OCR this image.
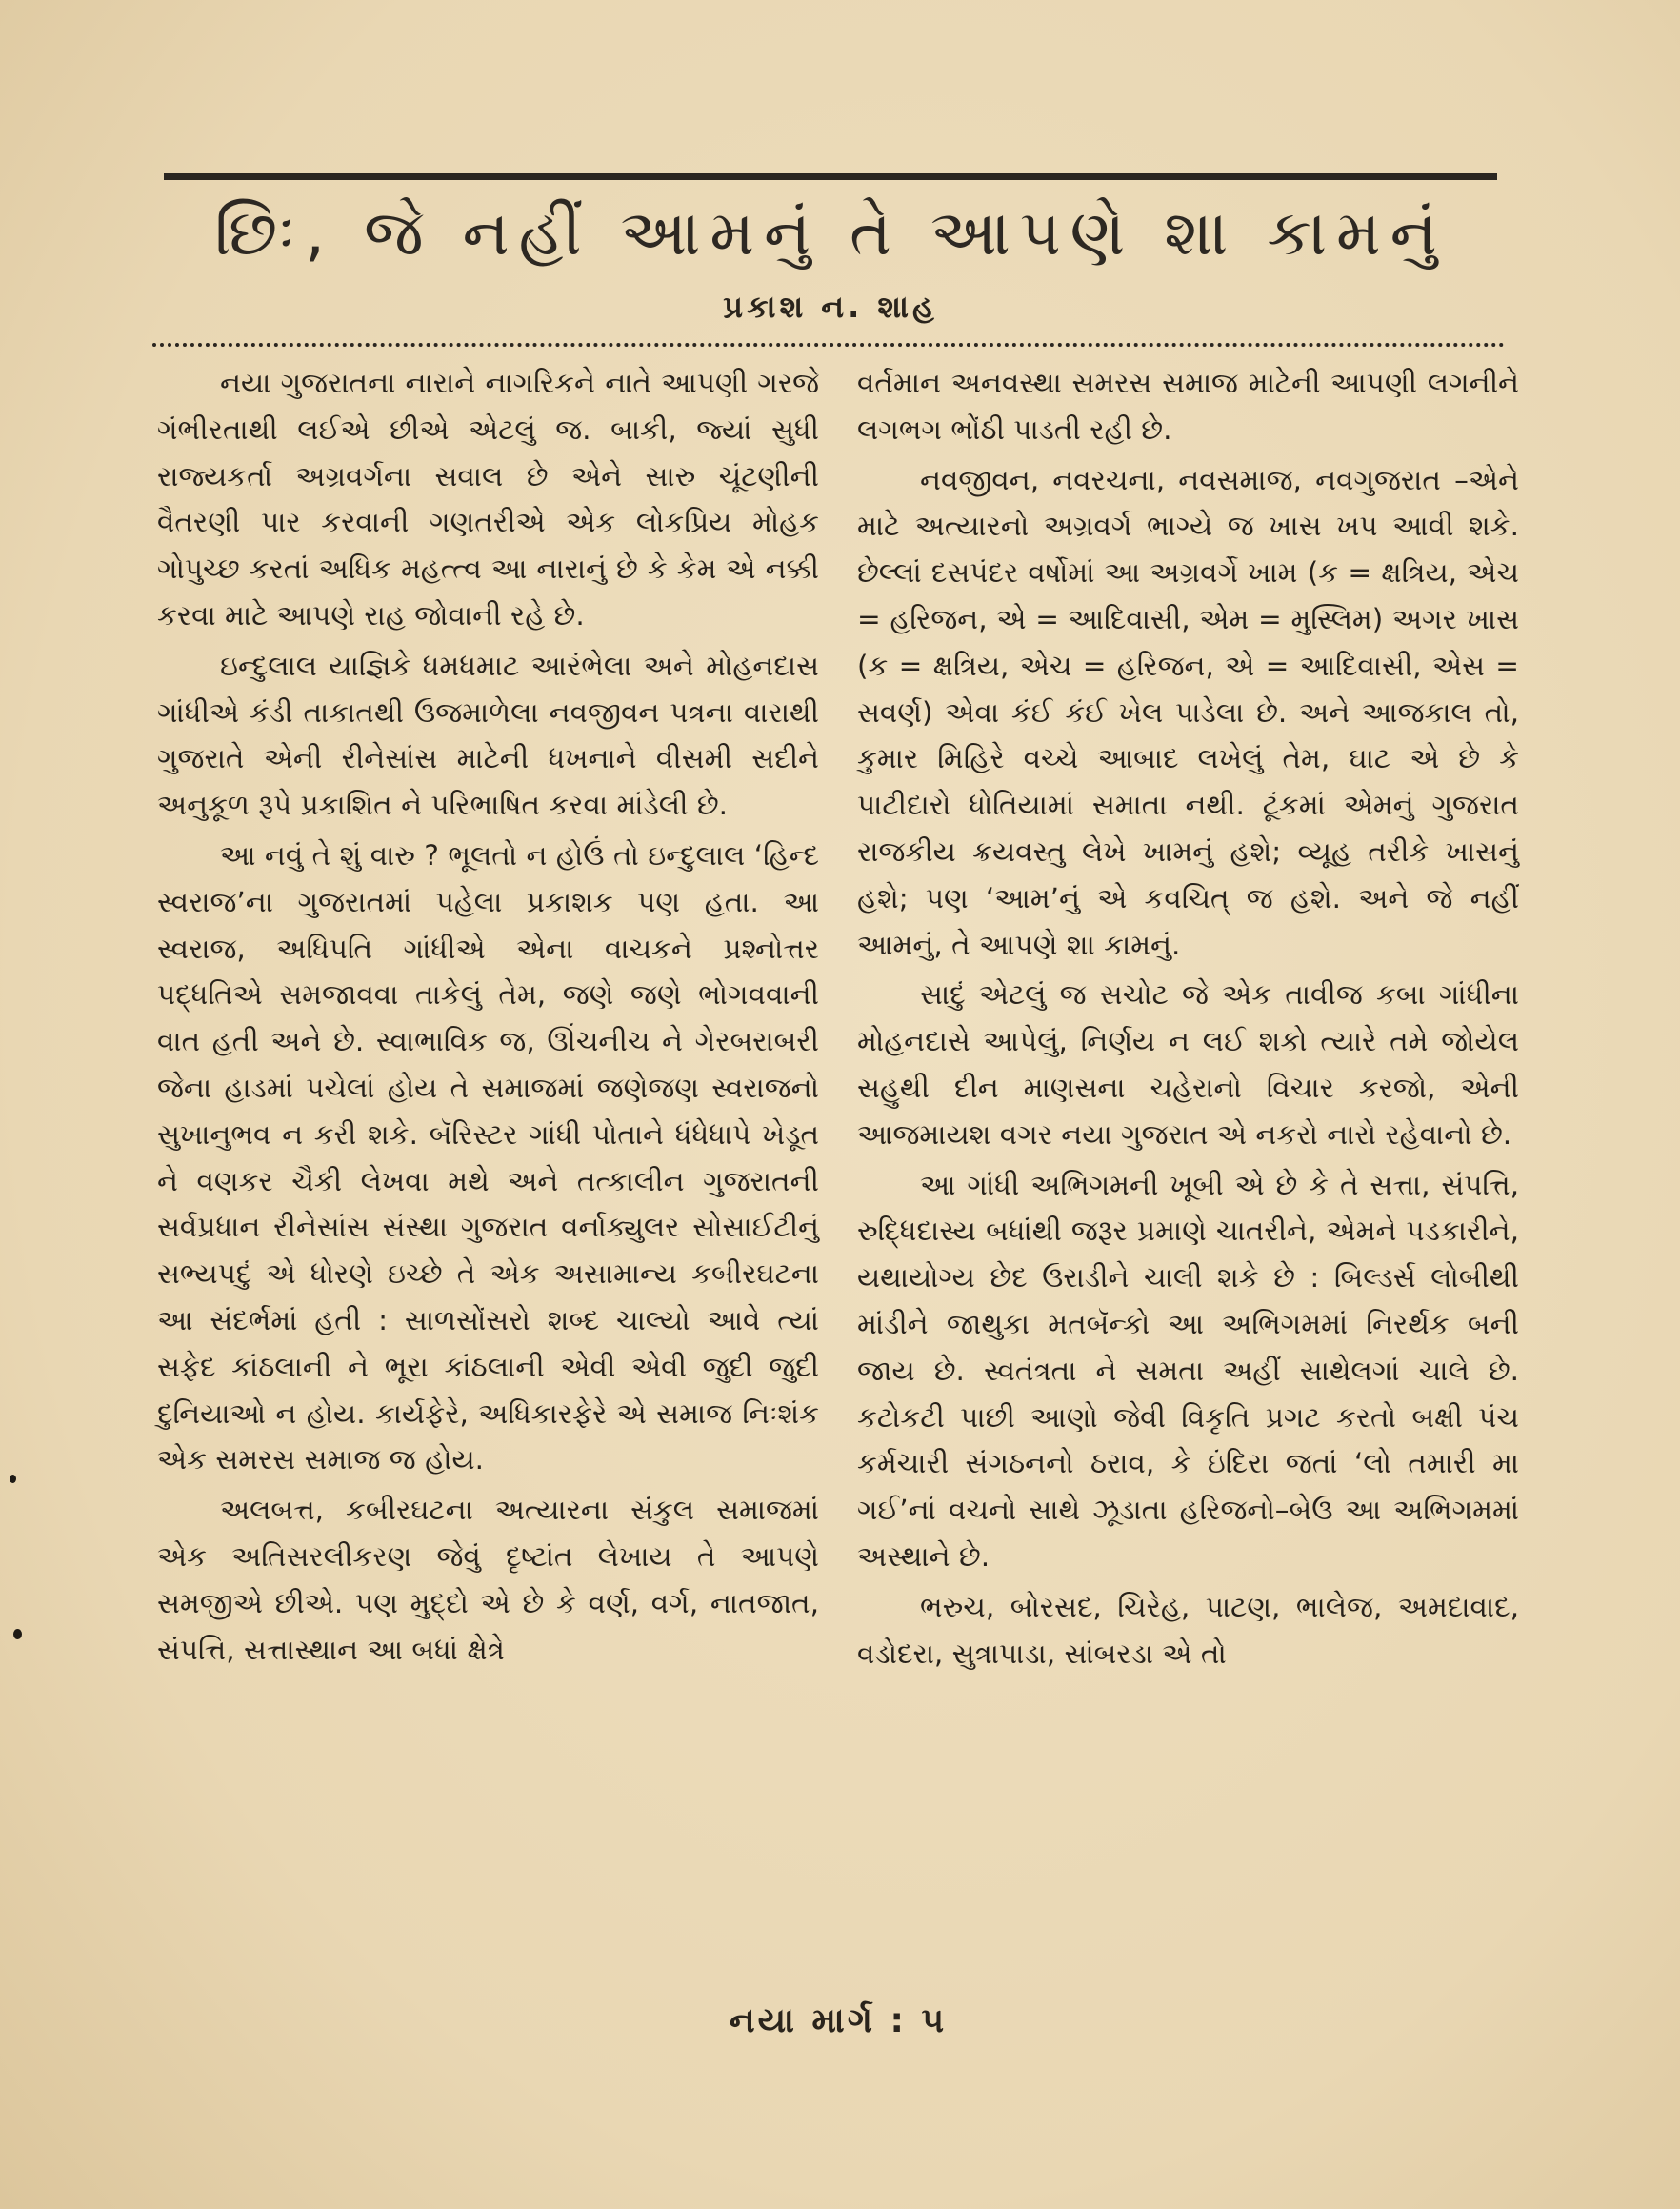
છિઃ, જે નહીં આમનું તે આપણે શા કામનું
પ્રકાશ ન. શાહ

નયા ગુજરાતના નારાને નાગરિકને નાતે આપણી ગરજે ગંભીરતાથી લઈએ છીએ એટલું જ. બાકી, જ્યાં સુધી રાજ્યકર્તા અગ્રવર્ગના સવાલ છે એને સારુ ચૂંટણીની વૈતરણી પાર કરવાની ગણતરીએ એક લોકપ્રિય મોહક ગોપુચ્છ કરતાં અધિક મહત્ત્વ આ નારાનું છે કે કેમ એ નક્કી કરવા માટે આપણે રાહ જોવાની રહે છે.

ઇન્દુલાલ યાજ્ઞિકે ધમધમાટ આરંભેલા અને મોહનદાસ ગાંધીએ કંડી તાકાતથી ઉજમાળેલા નવજીવન પત્રના વારાથી ગુજરાતે એની રીનેસાંસ માટેની ધખનાને વીસમી સદીને અનુકૂળ રૂપે પ્રકાશિત ને પરિભાષિત કરવા માંડેલી છે.

આ નવું તે શું વારુ ? ભૂલતો ન હોઉં તો ઇન્દુલાલ ‘હિન્દ સ્વરાજ’ના ગુજરાતમાં પહેલા પ્રકાશક પણ હતા. આ સ્વરાજ, અધિપતિ ગાંધીએ એના વાચકને પ્રશ્નોત્તર પદ્ધતિએ સમજાવવા તાકેલું તેમ, જણે જણે ભોગવવાની વાત હતી અને છે. સ્વાભાવિક જ, ઊંચનીચ ને ગેરબરાબરી જેના હાડમાં પચેલાં હોય તે સમાજમાં જણેજણ સ્વરાજનો સુખાનુભવ ન કરી શકે. બૅરિસ્ટર ગાંધી પોતાને ધંધેધાપે ખેડૂત ને વણકર ચૈકી લેખવા મથે અને તત્કાલીન ગુજરાતની સર્વપ્રધાન રીનેસાંસ સંસ્થા ગુજરાત વર્નાક્યુલર સોસાઈટીનું સભ્યપદું એ ધોરણે ઇચ્છે તે એક અસામાન્ય કબીરઘટના આ સંદર્ભમાં હતી : સાળસોંસરો શબ્દ ચાલ્યો આવે ત્યાં સફેદ કાંઠલાની ને ભૂરા કાંઠલાની એવી એવી જુદી જુદી દુનિયાઓ ન હોય. કાર્યફેરે, અધિકારફેરે એ સમાજ નિઃશંક એક સમરસ સમાજ જ હોય.

અલબત્ત, કબીરઘટના અત્યારના સંકુલ સમાજમાં એક અતિસરલીકરણ જેવું દૃષ્ટાંત લેખાય તે આપણે સમજીએ છીએ. પણ મુદ્દો એ છે કે વર્ણ, વર્ગ, નાતજાત, સંપત્તિ, સત્તાસ્થાન આ બધાં ક્ષેત્રે

વર્તમાન અનવસ્થા સમરસ સમાજ માટેની આપણી લગનીને લગભગ ભોંઠી પાડતી રહી છે.

નવજીવન, નવરચના, નવસમાજ, નવગુજરાત –એને માટે અત્યારનો અગ્રવર્ગ ભાગ્યે જ ખાસ ખપ આવી શકે. છેલ્લાં દસપંદર વર્ષોમાં આ અગ્રવર્ગે ખામ (ક = ક્ષત્રિય, એચ = હરિજન, એ = આદિવાસી, એમ = મુસ્લિમ) અગર ખાસ (ક = ક્ષત્રિય, એચ = હરિજન, એ = આદિવાસી, એસ = સવર્ણ) એવા કંઈ કંઈ ખેલ પાડેલા છે. અને આજકાલ તો, કુમાર મિહિરે વચ્ચે આબાદ લખેલું તેમ, ઘાટ એ છે કે પાટીદારો ધોતિયામાં સમાતા નથી. ટૂંકમાં એમનું ગુજરાત રાજકીય ક્રયવસ્તુ લેખે ખામનું હશે; વ્યૂહ તરીકે ખાસનું હશે; પણ ‘આમ’નું એ કવચિત્ જ હશે. અને જે નહીં આમનું, તે આપણે શા કામનું.

સાદું એટલું જ સચોટ જે એક તાવીજ કબા ગાંધીના મોહનદાસે આપેલું, નિર્ણય ન લઈ શકો ત્યારે તમે જોયેલ સહુથી દીન માણસના ચહેરાનો વિચાર કરજો, એની આજમાયશ વગર નયા ગુજરાત એ નકરો નારો રહેવાનો છે.

આ ગાંધી અભિગમની ખૂબી એ છે કે તે સત્તા, સંપત્તિ, રુદ્ધિદાસ્ય બધાંથી જરૂર પ્રમાણે ચાતરીને, એમને પડકારીને, યથાયોગ્ય છેદ ઉરાડીને ચાલી શકે છે : બિલ્ડર્સ લોબીથી માંડીને જાથુકા મતબૅન્કો આ અભિગમમાં નિરર્થક બની જાય છે. સ્વતંત્રતા ને સમતા અહીં સાથેલગાં ચાલે છે. કટોકટી પાછી આણો જેવી વિકૃતિ પ્રગટ કરતો બક્ષી પંચ કર્મચારી સંગઠનનો ઠરાવ, કે ઇંદિરા જતાં ‘લો તમારી મા ગઈ’નાં વચનો સાથે ઝૂડાતા હરિજનો–બેઉ આ અભિગમમાં અસ્થાને છે.

ભરુચ, બોરસદ, ચિરેહ, પાટણ, ભાલેજ, અમદાવાદ, વડોદરા, સુત્રાપાડા, સાંબરડા એ તો

નયા માર્ગ : ૫
